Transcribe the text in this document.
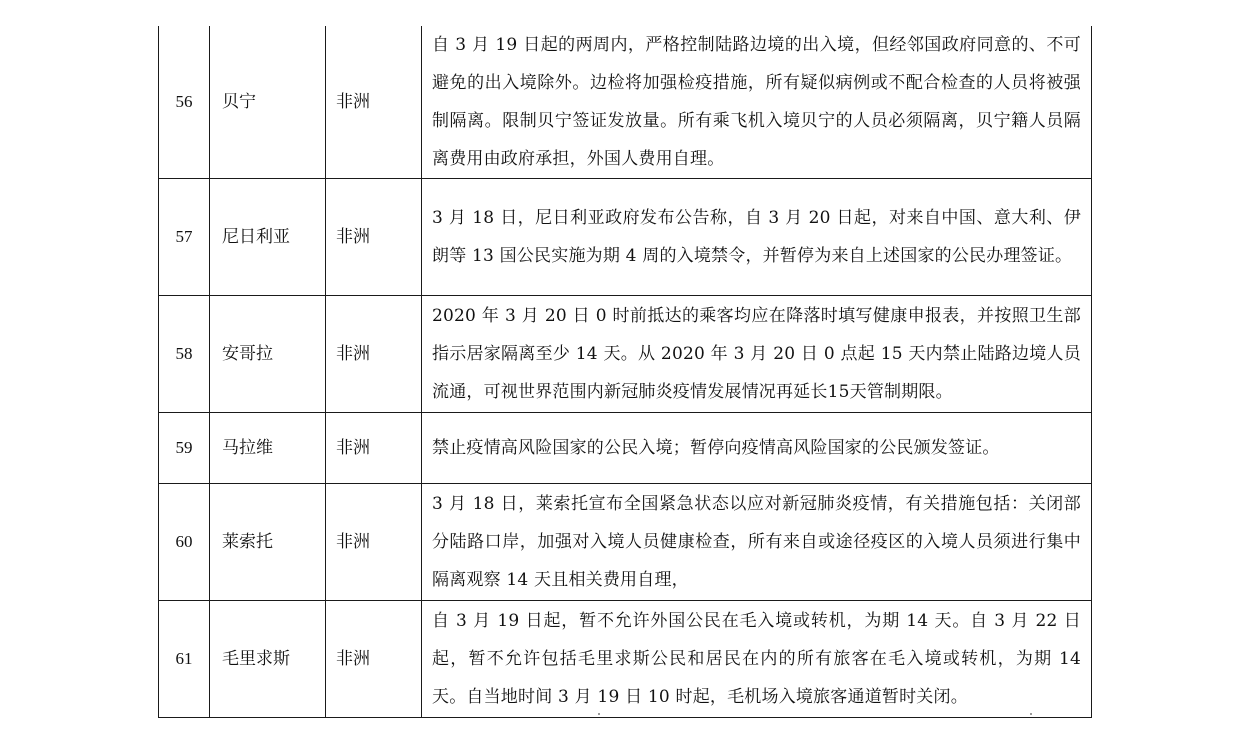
56	贝宁	非洲	自 3 月 19 日起的两周内，严格控制陆路边境的出入境，但经邻国政府同意的、不可避免的出入境除外。边检将加强检疫措施，所有疑似病例或不配合检查的人员将被强制隔离。限制贝宁签证发放量。所有乘飞机入境贝宁的人员必须隔离，贝宁籍人员隔离费用由政府承担，外国人费用自理。
57	尼日利亚	非洲	3 月 18 日，尼日利亚政府发布公告称，自 3 月 20 日起，对来自中国、意大利、伊朗等 13 国公民实施为期 4 周的入境禁令，并暂停为来自上述国家的公民办理签证。
58	安哥拉	非洲	2020 年 3 月 20 日 0 时前抵达的乘客均应在降落时填写健康申报表，并按照卫生部指示居家隔离至少 14 天。从 2020 年 3 月 20 日 0 点起 15 天内禁止陆路边境人员流通，可视世界范围内新冠肺炎疫情发展情况再延长15天管制期限。
59	马拉维	非洲	禁止疫情高风险国家的公民入境；暂停向疫情高风险国家的公民颁发签证。
60	莱索托	非洲	3 月 18 日，莱索托宣布全国紧急状态以应对新冠肺炎疫情，有关措施包括：关闭部分陆路口岸，加强对入境人员健康检查，所有来自或途径疫区的入境人员须进行集中隔离观察 14 天且相关费用自理，
61	毛里求斯	非洲	自 3 月 19 日起，暂不允许外国公民在毛入境或转机，为期 14 天。自 3 月 22 日起，暂不允许包括毛里求斯公民和居民在内的所有旅客在毛入境或转机，为期 14 天。自当地时间 3 月 19 日 10 时起，毛机场入境旅客通道暂时关闭。
